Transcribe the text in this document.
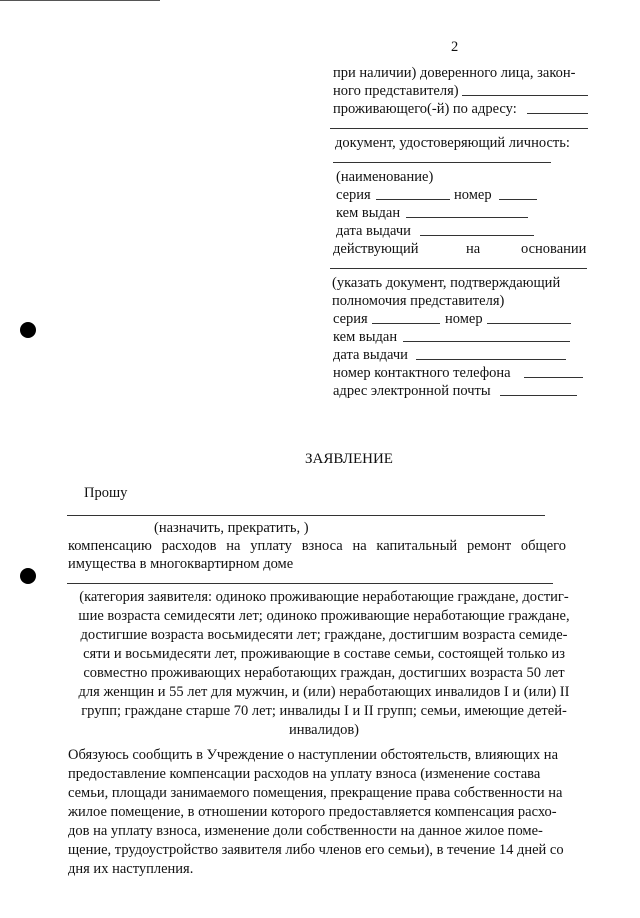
2
при наличии) доверенного лица, закон-
ного представителя)
проживающего(-й) по адресу:
документ, удостоверяющий личность:
(наименование)
серия	номер
кем выдан
дата выдачи
действующий	на	основании
(указать документ, подтверждающий
полномочия представителя)
серия	номер
кем выдан
дата выдачи
номер контактного телефона
адрес электронной почты
ЗАЯВЛЕНИЕ
Прошу
(назначить, прекратить, )
компенсацию расходов на уплату взноса на капитальный ремонт общего
имущества в многоквартирном доме
(категория заявителя: одиноко проживающие неработающие граждане, достиг-
шие возраста семидесяти лет; одиноко проживающие неработающие граждане,
достигшие возраста восьмидесяти лет; граждане, достигшим возраста семиде-
сяти и восьмидесяти лет, проживающие в составе семьи, состоящей только из
совместно проживающих неработающих граждан, достигших возраста 50 лет
для женщин и 55 лет для мужчин, и (или) неработающих инвалидов I и (или) II
групп; граждане старше 70 лет; инвалиды I и II групп; семьи, имеющие детей-
инвалидов)
Обязуюсь сообщить в Учреждение о наступлении обстоятельств, влияющих на
предоставление компенсации расходов на уплату взноса (изменение состава
семьи, площади занимаемого помещения, прекращение права собственности на
жилое помещение, в отношении которого предоставляется компенсация расхо-
дов на уплату взноса, изменение доли собственности на данное жилое поме-
щение, трудоустройство заявителя либо членов его семьи), в течение 14 дней со
дня их наступления.
